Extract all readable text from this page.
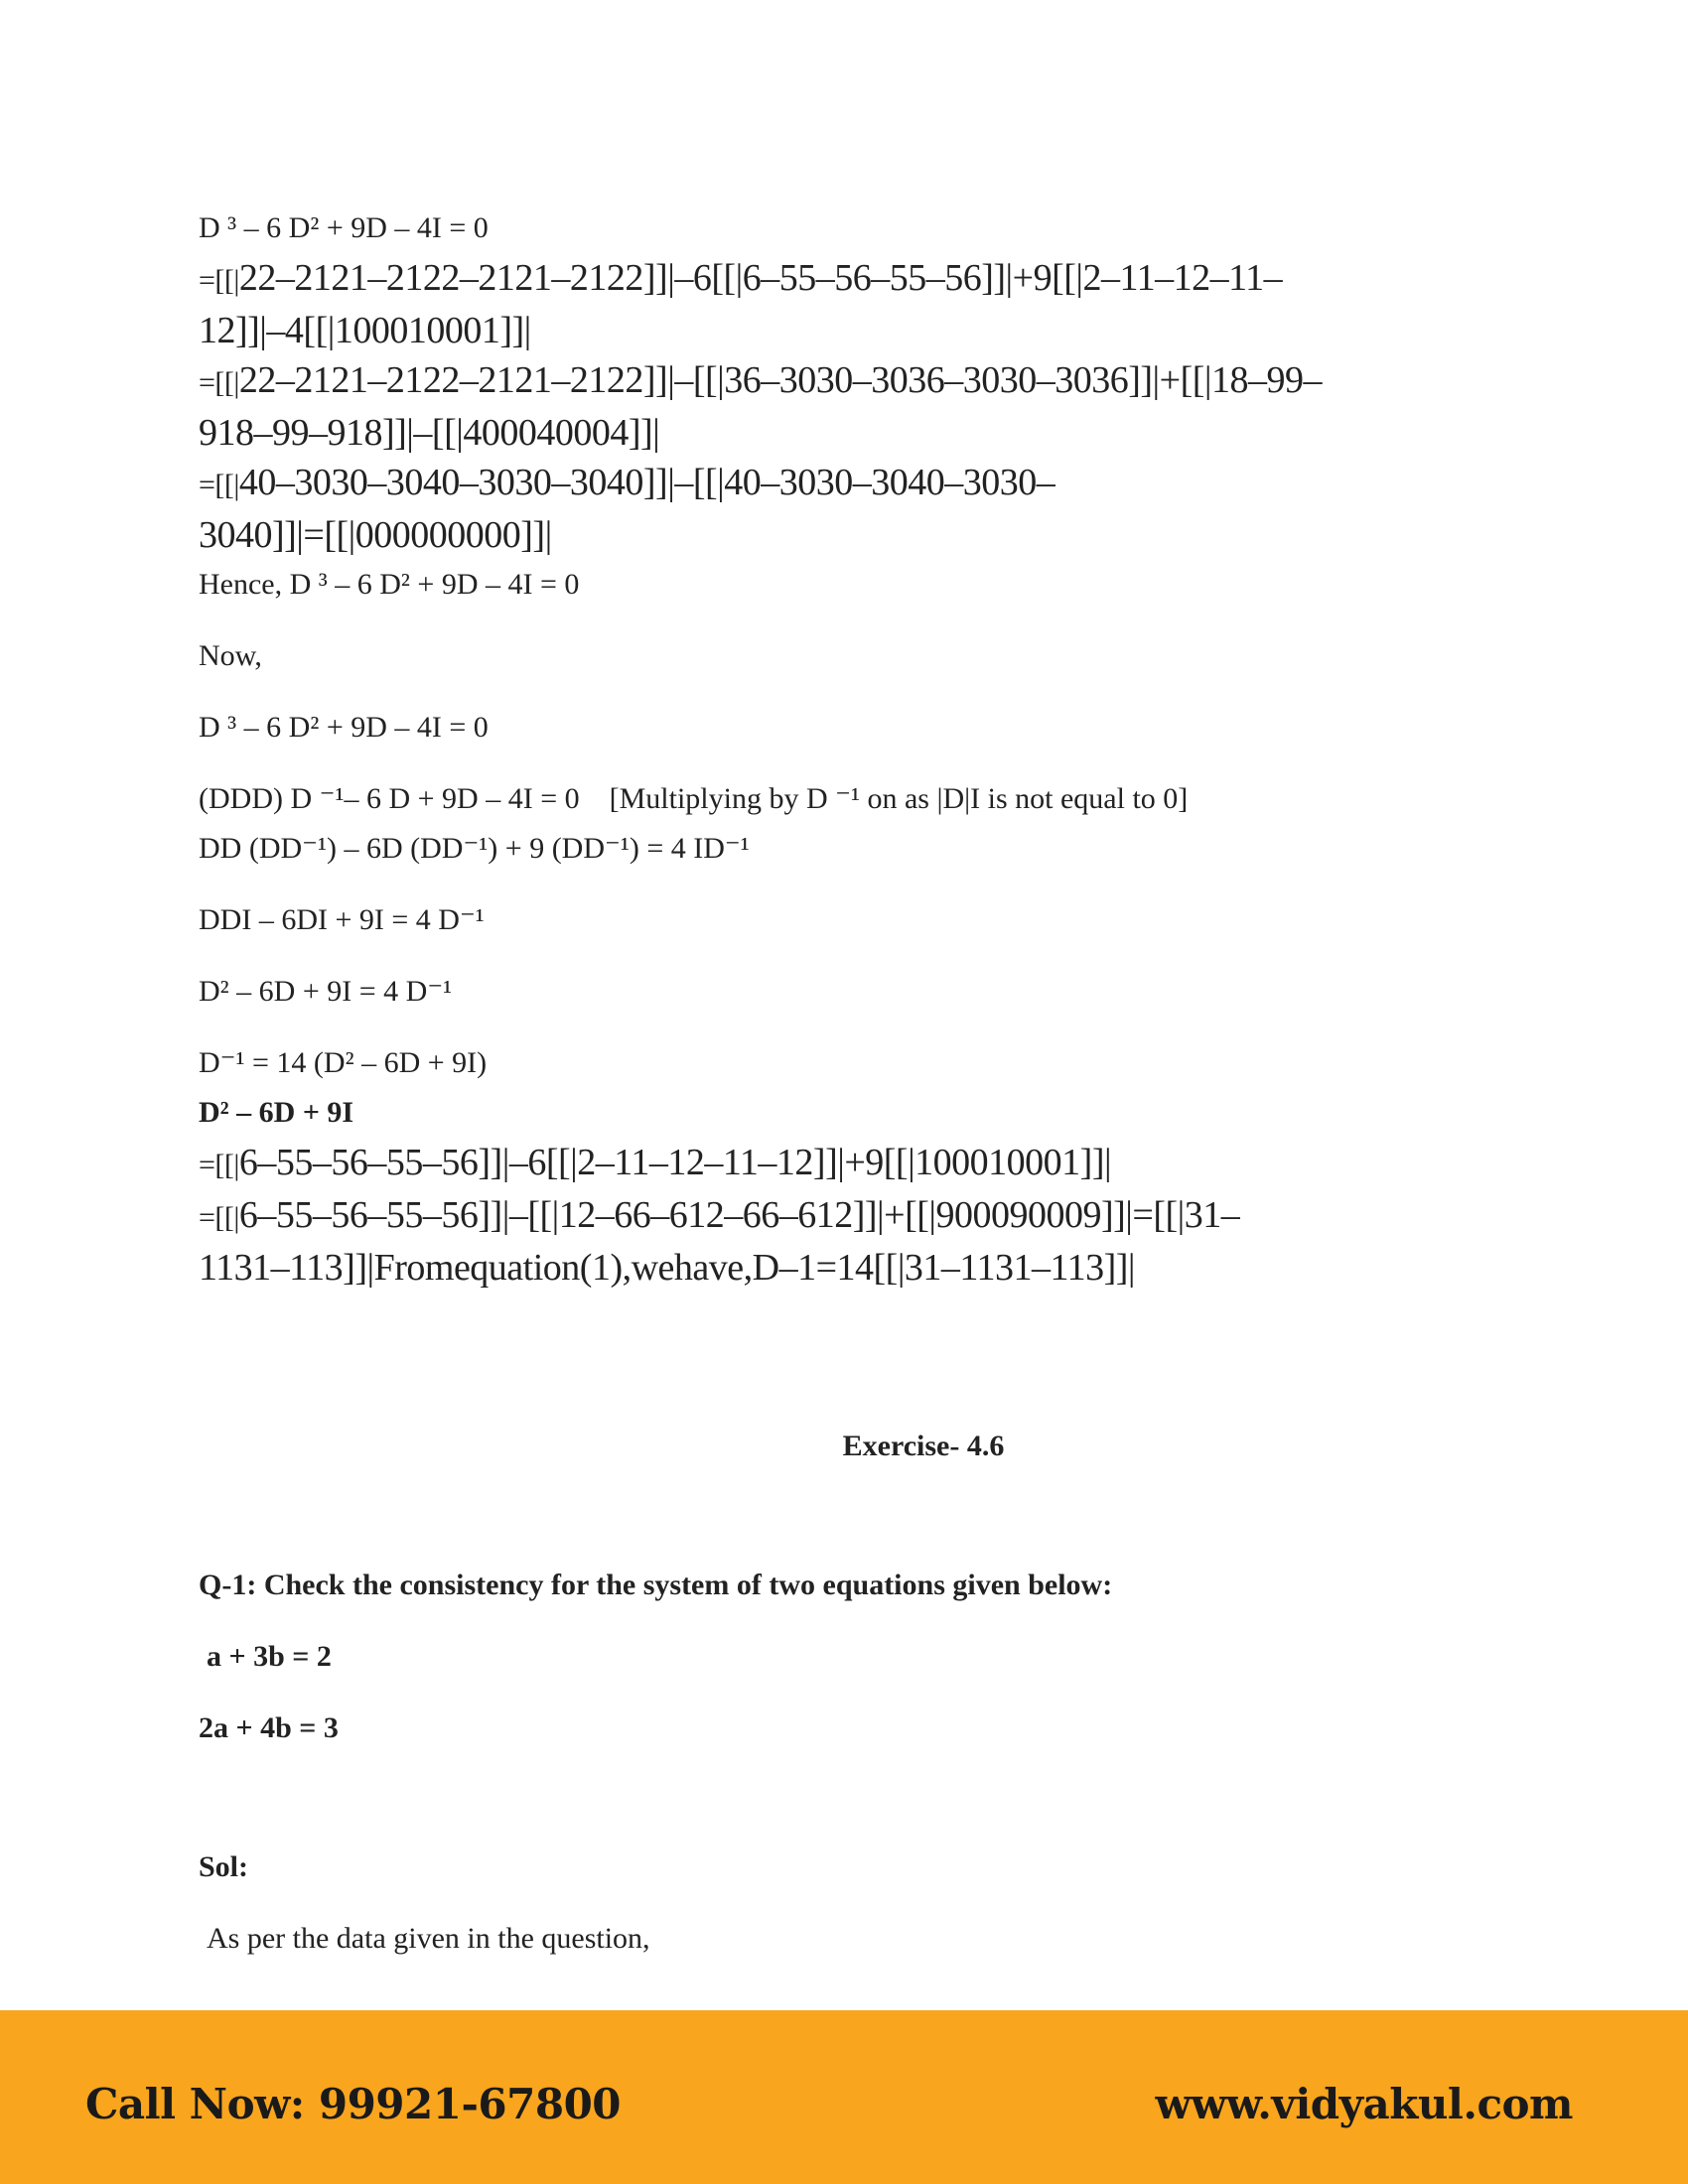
D ³ – 6 D² + 9D – 4I = 0
=[[|22–2121–2122–2121–2122]]|–6[[|6–55–56–55–56]]|+9[[|2–11–12–11–
12]]|–4[[|100010001]]|
=[[|22–2121–2122–2121–2122]]|–[[|36–3030–3036–3030–3036]]|+[[|18–99–
918–99–918]]|–[[|400040004]]|
=[[|40–3030–3040–3030–3040]]|–[[|40–3030–3040–3030–
3040]]|=[[|000000000]]|
Hence, D ³ – 6 D² + 9D – 4I = 0
Now,
D ³ – 6 D² + 9D – 4I = 0
(DDD) D ⁻¹– 6 D + 9D – 4I = 0 [Multiplying by D ⁻¹ on as |D|I is not equal to 0]
DD (DD⁻¹) – 6D (DD⁻¹) + 9 (DD⁻¹) = 4 ID⁻¹
DDI – 6DI + 9I = 4 D⁻¹
D² – 6D + 9I = 4 D⁻¹
D⁻¹ = 14 (D² – 6D + 9I)
D² – 6D + 9I
=[[|6–55–56–55–56]]|–6[[|2–11–12–11–12]]|+9[[|100010001]]|
=[[|6–55–56–55–56]]|–[[|12–66–612–66–612]]|+[[|900090009]]|=[[|31–
1131–113]]|Fromequation(1),wehave,D–1=14[[|31–1131–113]]|
Exercise- 4.6
Q-1: Check the consistency for the system of two equations given below:
a + 3b = 2
2a + 4b = 3
Sol:
As per the data given in the question,
Call Now: 99921-67800	www.vidyakul.com
